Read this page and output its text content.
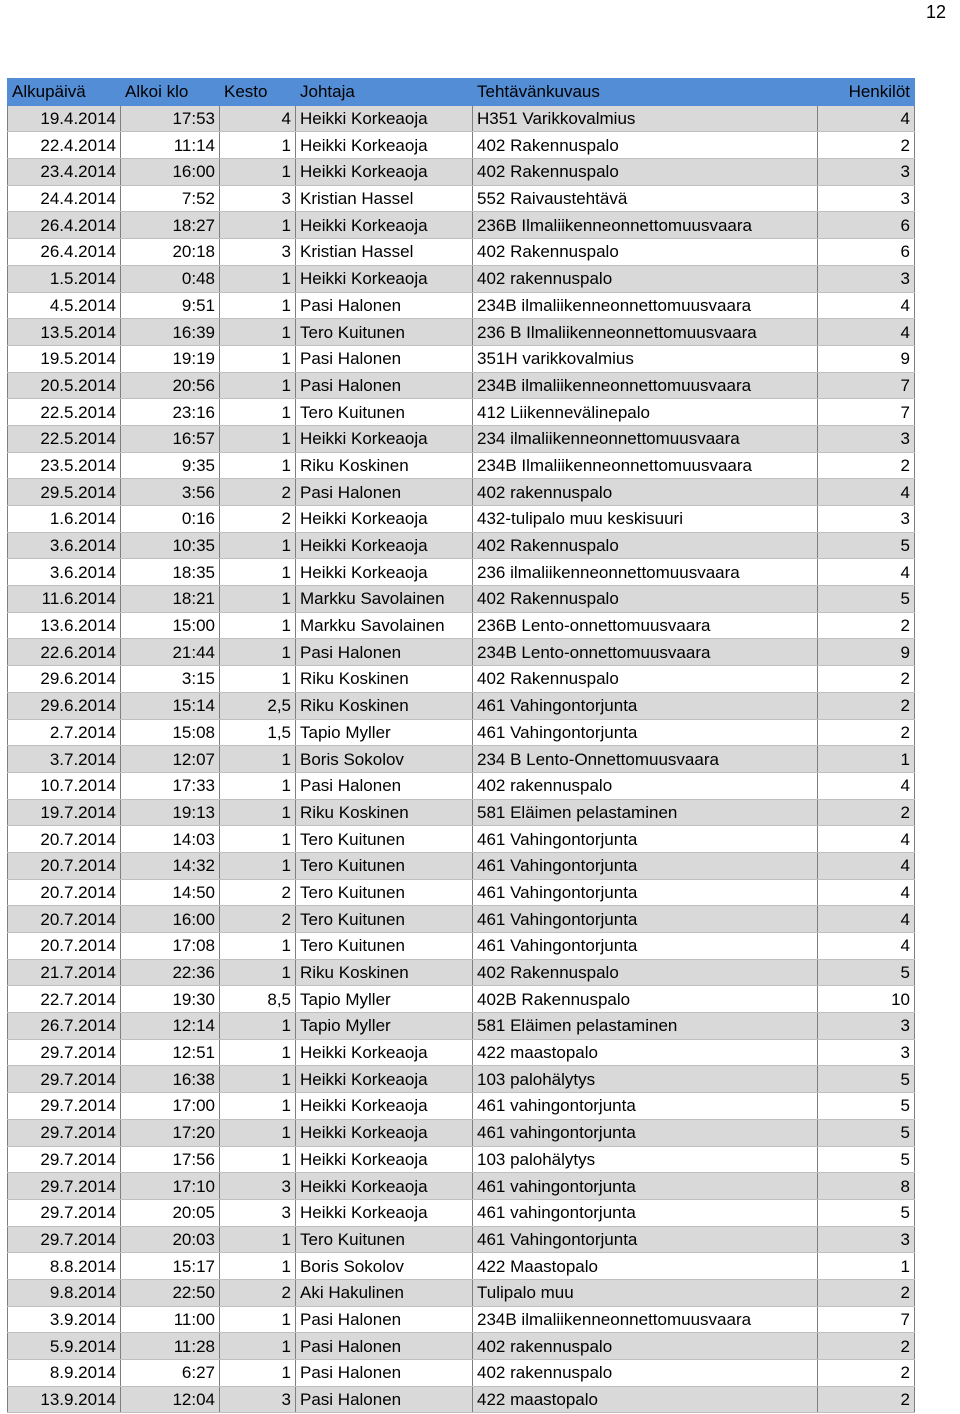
12
Alkupäivä	Alkoi klo	Kesto	Johtaja	Tehtävänkuvaus	Henkilöt
19.4.2014	17:53	4	Heikki Korkeaoja	H351 Varikkovalmius	4
22.4.2014	11:14	1	Heikki Korkeaoja	402 Rakennuspalo	2
23.4.2014	16:00	1	Heikki Korkeaoja	402 Rakennuspalo	3
24.4.2014	7:52	3	Kristian Hassel	552 Raivaustehtävä	3
26.4.2014	18:27	1	Heikki Korkeaoja	236B Ilmaliikenneonnettomuusvaara	6
26.4.2014	20:18	3	Kristian Hassel	402 Rakennuspalo	6
1.5.2014	0:48	1	Heikki Korkeaoja	402 rakennuspalo	3
4.5.2014	9:51	1	Pasi Halonen	234B ilmaliikenneonnettomuusvaara	4
13.5.2014	16:39	1	Tero Kuitunen	236 B Ilmaliikenneonnettomuusvaara	4
19.5.2014	19:19	1	Pasi Halonen	351H varikkovalmius	9
20.5.2014	20:56	1	Pasi Halonen	234B ilmaliikenneonnettomuusvaara	7
22.5.2014	23:16	1	Tero Kuitunen	412 Liikennevälinepalo	7
22.5.2014	16:57	1	Heikki Korkeaoja	234 ilmaliikenneonnettomuusvaara	3
23.5.2014	9:35	1	Riku Koskinen	234B Ilmaliikenneonnettomuusvaara	2
29.5.2014	3:56	2	Pasi Halonen	402 rakennuspalo	4
1.6.2014	0:16	2	Heikki Korkeaoja	432-tulipalo muu keskisuuri	3
3.6.2014	10:35	1	Heikki Korkeaoja	402 Rakennuspalo	5
3.6.2014	18:35	1	Heikki Korkeaoja	236 ilmaliikenneonnettomuusvaara	4
11.6.2014	18:21	1	Markku Savolainen	402 Rakennuspalo	5
13.6.2014	15:00	1	Markku Savolainen	236B Lento-onnettomuusvaara	2
22.6.2014	21:44	1	Pasi Halonen	234B Lento-onnettomuusvaara	9
29.6.2014	3:15	1	Riku Koskinen	402 Rakennuspalo	2
29.6.2014	15:14	2,5	Riku Koskinen	461 Vahingontorjunta	2
2.7.2014	15:08	1,5	Tapio Myller	461 Vahingontorjunta	2
3.7.2014	12:07	1	Boris Sokolov	234 B Lento-Onnettomuusvaara	1
10.7.2014	17:33	1	Pasi Halonen	402 rakennuspalo	4
19.7.2014	19:13	1	Riku Koskinen	581 Eläimen pelastaminen	2
20.7.2014	14:03	1	Tero Kuitunen	461 Vahingontorjunta	4
20.7.2014	14:32	1	Tero Kuitunen	461 Vahingontorjunta	4
20.7.2014	14:50	2	Tero Kuitunen	461 Vahingontorjunta	4
20.7.2014	16:00	2	Tero Kuitunen	461 Vahingontorjunta	4
20.7.2014	17:08	1	Tero Kuitunen	461 Vahingontorjunta	4
21.7.2014	22:36	1	Riku Koskinen	402 Rakennuspalo	5
22.7.2014	19:30	8,5	Tapio Myller	402B Rakennuspalo	10
26.7.2014	12:14	1	Tapio Myller	581 Eläimen pelastaminen	3
29.7.2014	12:51	1	Heikki Korkeaoja	422 maastopalo	3
29.7.2014	16:38	1	Heikki Korkeaoja	103 palohälytys	5
29.7.2014	17:00	1	Heikki Korkeaoja	461 vahingontorjunta	5
29.7.2014	17:20	1	Heikki Korkeaoja	461 vahingontorjunta	5
29.7.2014	17:56	1	Heikki Korkeaoja	103 palohälytys	5
29.7.2014	17:10	3	Heikki Korkeaoja	461 vahingontorjunta	8
29.7.2014	20:05	3	Heikki Korkeaoja	461 vahingontorjunta	5
29.7.2014	20:03	1	Tero Kuitunen	461 Vahingontorjunta	3
8.8.2014	15:17	1	Boris Sokolov	422 Maastopalo	1
9.8.2014	22:50	2	Aki Hakulinen	Tulipalo muu	2
3.9.2014	11:00	1	Pasi Halonen	234B ilmaliikenneonnettomuusvaara	7
5.9.2014	11:28	1	Pasi Halonen	402 rakennuspalo	2
8.9.2014	6:27	1	Pasi Halonen	402 rakennuspalo	2
13.9.2014	12:04	3	Pasi Halonen	422 maastopalo	2
